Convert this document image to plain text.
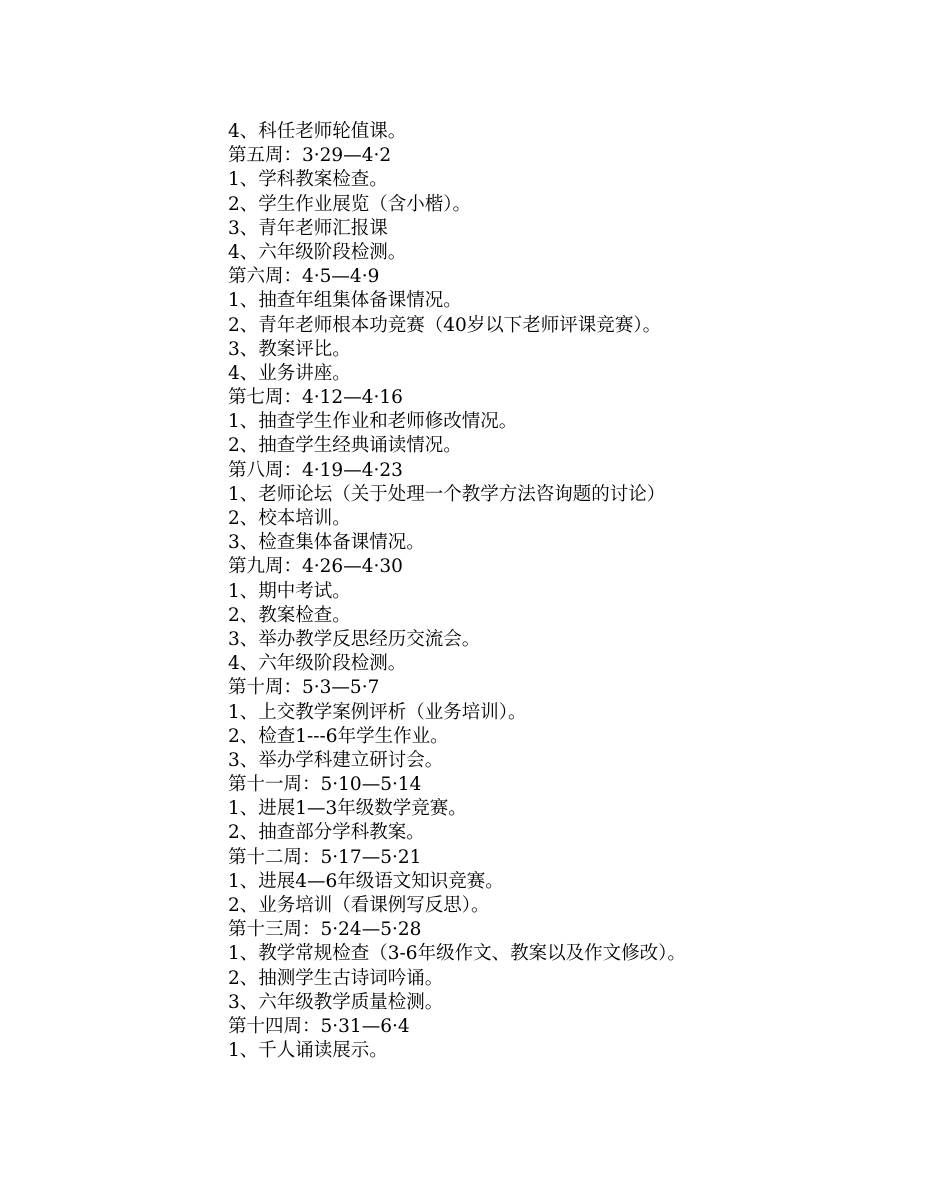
4、科任老师轮值课。
第五周：3·29—4·2
1、学科教案检查。
2、学生作业展览（含小楷）。
3、青年老师汇报课
4、六年级阶段检测。
第六周：4·5—4·9
1、抽查年组集体备课情况。
2、青年老师根本功竞赛（40岁以下老师评课竞赛）。
3、教案评比。
4、业务讲座。
第七周：4·12—4·16
1、抽查学生作业和老师修改情况。
2、抽查学生经典诵读情况。
第八周：4·19—4·23
1、老师论坛（关于处理一个教学方法咨询题的讨论）
2、校本培训。
3、检查集体备课情况。
第九周：4·26—4·30
1、期中考试。
2、教案检查。
3、举办教学反思经历交流会。
4、六年级阶段检测。
第十周：5·3—5·7
1、上交教学案例评析（业务培训）。
2、检查1---6年学生作业。
3、举办学科建立研讨会。
第十一周：5·10—5·14
1、进展1—3年级数学竞赛。
2、抽查部分学科教案。
第十二周：5·17—5·21
1、进展4—6年级语文知识竞赛。
2、业务培训（看课例写反思）。
第十三周：5·24—5·28
1、教学常规检查（3-6年级作文、教案以及作文修改）。
2、抽测学生古诗词吟诵。
3、六年级教学质量检测。
第十四周：5·31—6·4
1、千人诵读展示。
